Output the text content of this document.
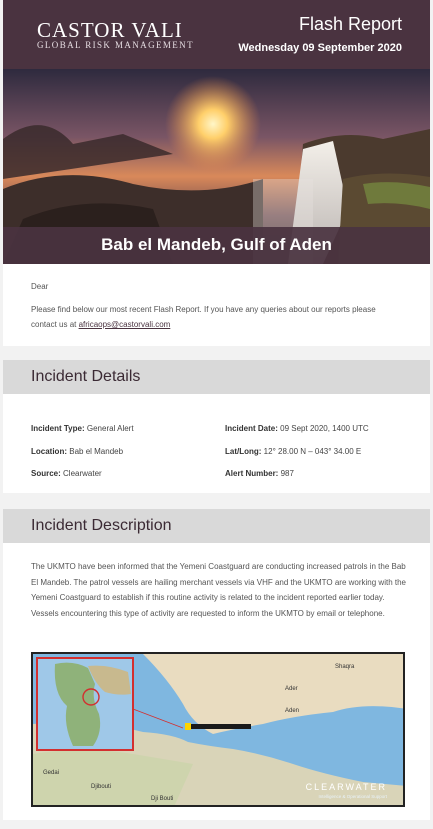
CASTOR VALI
GLOBAL RISK MANAGEMENT
Flash Report
Wednesday 09 September 2020
Bab el Mandeb, Gulf of Aden
Dear
Please find below our most recent Flash Report. If you have any queries about our reports please contact us at africaops@castorvali.com
Incident Details
Incident Type: General Alert	Incident Date: 09 Sept 2020, 1400 UTC
Location: Bab el Mandeb	Lat/Long: 12° 28.00 N – 043° 34.00 E
Source: Clearwater	Alert Number: 987
Incident Description
The UKMTO have been informed that the Yemeni Coastguard are conducting increased patrols in the Bab El Mandeb. The patrol vessels are hailing merchant vessels via VHF and the UKMTO are working with the Yemeni Coastguard to establish if this routine activity is related to the incident reported earlier today. Vessels encountering this type of activity are requested to inform the UKMTO by email or telephone.
Shaqra
Ader
Aden
Gedai
Djibouti
Dji Bouti
CLEARWATER
Intelligence & Operational Support
